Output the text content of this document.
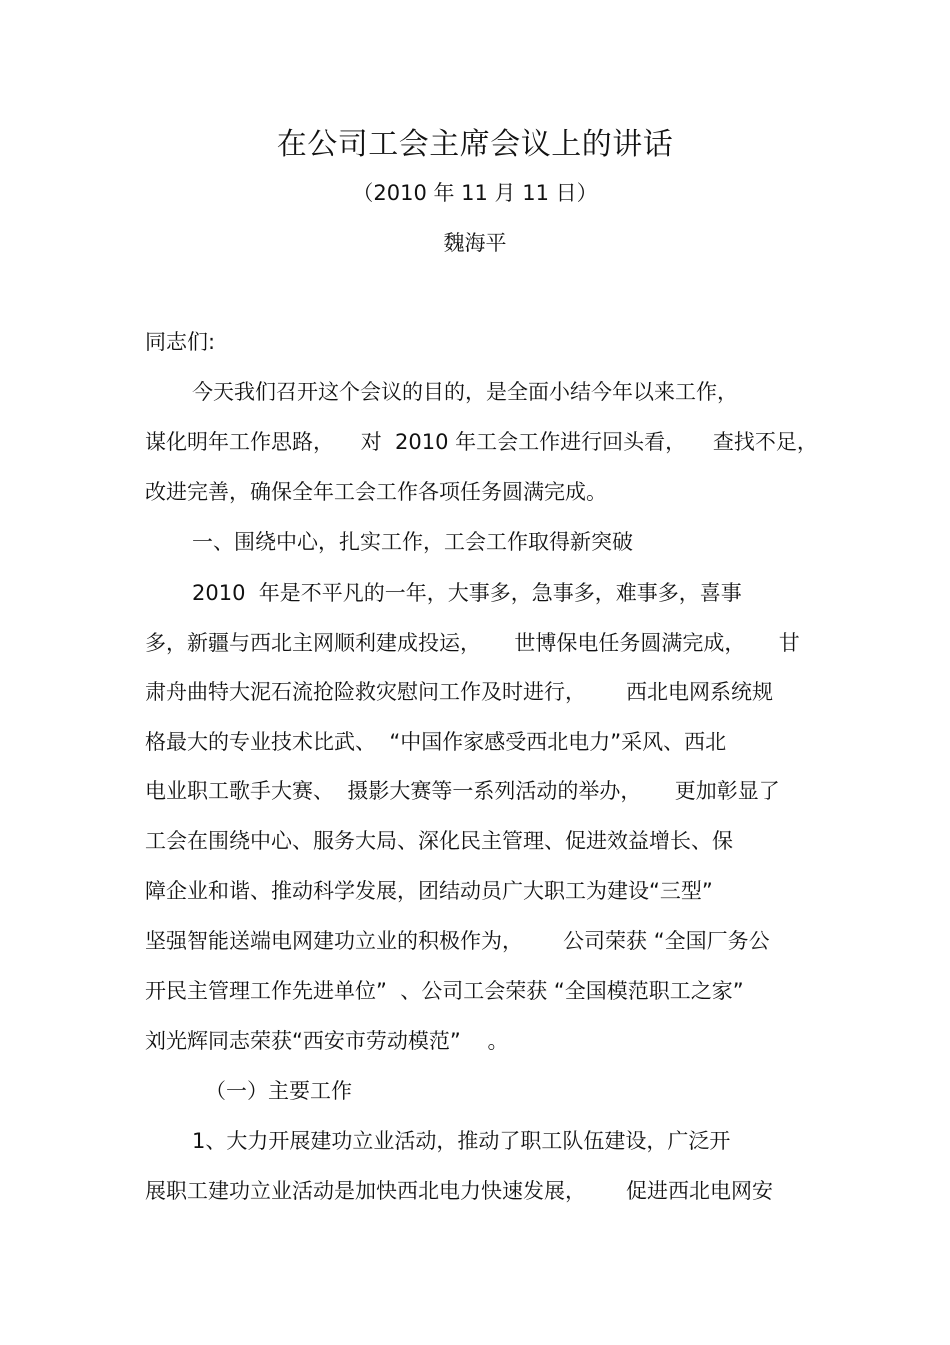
在公司工会主席会议上的讲话
（2010 年 11 月 11 日）
魏海平
同志们:
今天我们召开这个会议的目的，是全面小结今年以来工作，
谋化明年工作思路，    对  2010 年工会工作进行回头看，    查找不足，
改进完善，确保全年工会工作各项任务圆满完成。
一、围绕中心，扎实工作，工会工作取得新突破
2010  年是不平凡的一年，大事多，急事多，难事多，喜事
多，新疆与西北主网顺利建成投运，     世博保电任务圆满完成，     甘
肃舟曲特大泥石流抢险救灾慰问工作及时进行，      西北电网系统规
格最大的专业技术比武、  “中国作家感受西北电力”采风、西北
电业职工歌手大赛、  摄影大赛等一系列活动的举办，     更加彰显了
工会在围绕中心、服务大局、深化民主管理、促进效益增长、保
障企业和谐、推动科学发展，团结动员广大职工为建设“三型”
坚强智能送端电网建功立业的积极作为，      公司荣获 “全国厂务公
开民主管理工作先进单位”  、公司工会荣获 “全国模范职工之家”
刘光辉同志荣获“西安市劳动模范”    。
（一）主要工作
1、大力开展建功立业活动，推动了职工队伍建设，广泛开
展职工建功立业活动是加快西北电力快速发展，      促进西北电网安
